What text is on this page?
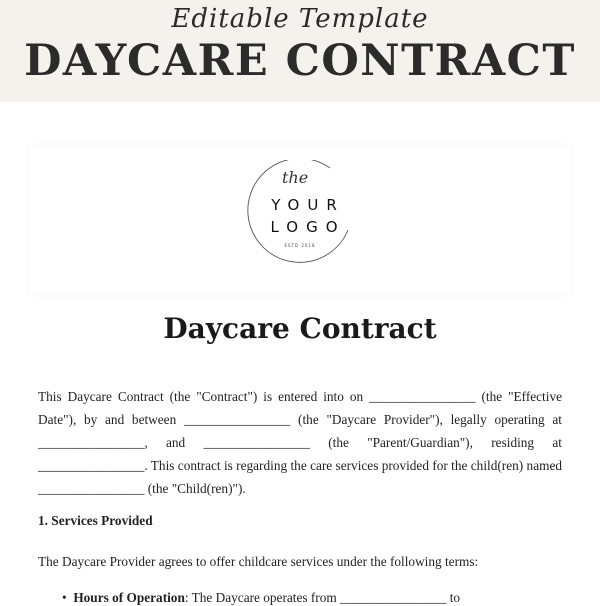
Editable Template
DAYCARE CONTRACT
the
YOUR
LOGO
ESTD 2018
Daycare Contract

This Daycare Contract (the "Contract") is entered into on ________________ (the "Effective Date"), by and between ________________ (the "Daycare Provider"), legally operating at ________________, and ________________ (the "Parent/Guardian"), residing at ________________. This contract is regarding the care services provided for the child(ren) named ________________ (the "Child(ren)").

1. Services Provided

The Daycare Provider agrees to offer childcare services under the following terms:

•  Hours of Operation: The Daycare operates from ________________ to
